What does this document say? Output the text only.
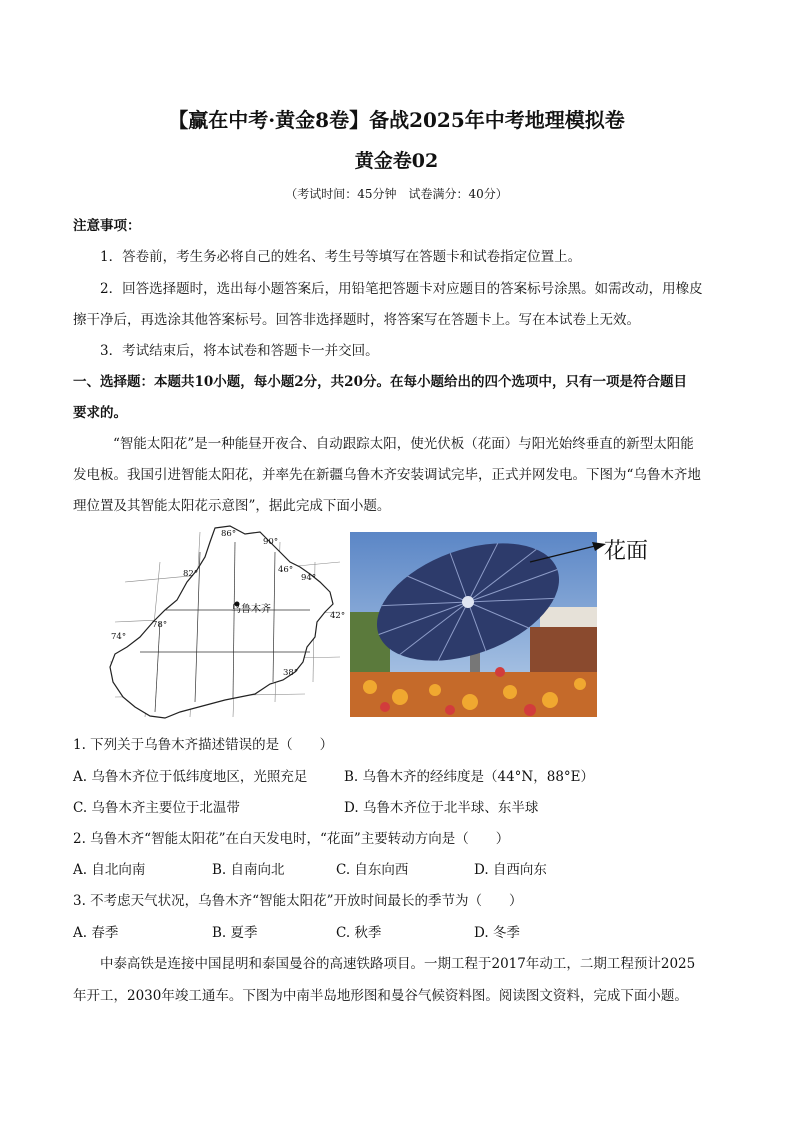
【赢在中考·黄金8卷】备战2025年中考地理模拟卷
黄金卷02
（考试时间：45分钟　试卷满分：40分）
注意事项：
1．答卷前，考生务必将自己的姓名、考生号等填写在答题卡和试卷指定位置上。
2．回答选择题时，选出每小题答案后，用铅笔把答题卡对应题目的答案标号涂黑。如需改动，用橡皮
擦干净后，再选涂其他答案标号。回答非选择题时，将答案写在答题卡上。写在本试卷上无效。
3．考试结束后，将本试卷和答题卡一并交回。
一、选择题：本题共10小题，每小题2分，共20分。在每小题给出的四个选项中，只有一项是符合题目
要求的。
“智能太阳花”是一种能昼开夜合、自动跟踪太阳，使光伏板（花面）与阳光始终垂直的新型太阳能
发电板。我国引进智能太阳花，并率先在新疆乌鲁木齐安装调试完毕，正式并网发电。下图为“乌鲁木齐地
理位置及其智能太阳花示意图”，据此完成下面小题。
乌鲁木齐
86°
90°
82°	94°
78°
74°
46°
42°
38°
花面
1. 下列关于乌鲁木齐描述错误的是（　　）
A. 乌鲁木齐位于低纬度地区，光照充足	B. 乌鲁木齐的经纬度是（44°N，88°E）
C. 乌鲁木齐主要位于北温带	D. 乌鲁木齐位于北半球、东半球
2. 乌鲁木齐“智能太阳花”在白天发电时，“花面”主要转动方向是（　　）
A. 自北向南	B. 自南向北	C. 自东向西	D. 自西向东
3. 不考虑天气状况，乌鲁木齐“智能太阳花”开放时间最长的季节为（　　）
A. 春季	B. 夏季	C. 秋季	D. 冬季
中泰高铁是连接中国昆明和泰国曼谷的高速铁路项目。一期工程于2017年动工，二期工程预计2025
年开工，2030年竣工通车。下图为中南半岛地形图和曼谷气候资料图。阅读图文资料，完成下面小题。
